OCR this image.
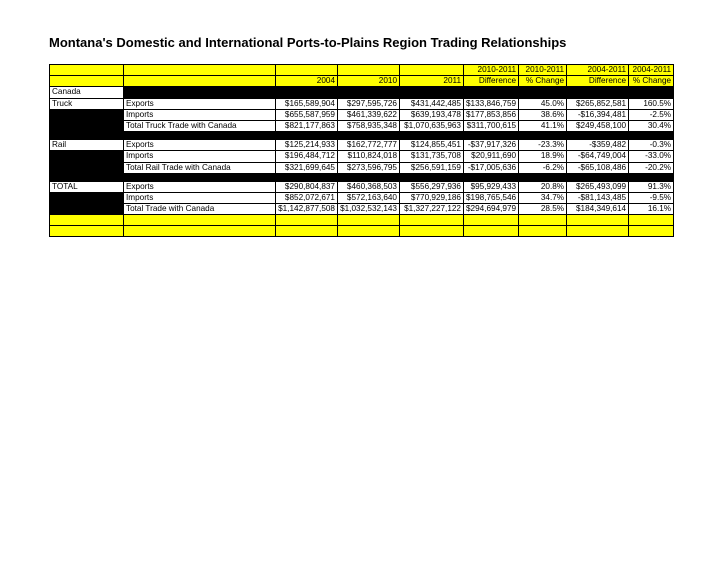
Montana's Domestic and International Ports-to-Plains Region Trading Relationships
					2010-2011	2010-2011	2004-2011	2004-2011
		2004	2010	2011	Difference	% Change	Difference	% Change
Canada								
Truck	Exports	$165,589,904	$297,595,726	$431,442,485	$133,846,759	45.0%	$265,852,581	160.5%
	Imports	$655,587,959	$461,339,622	$639,193,478	$177,853,856	38.6%	-$16,394,481	-2.5%
	Total Truck Trade with Canada	$821,177,863	$758,935,348	$1,070,635,963	$311,700,615	41.1%	$249,458,100	30.4%

Rail	Exports	$125,214,933	$162,772,777	$124,855,451	-$37,917,326	-23.3%	-$359,482	-0.3%
	Imports	$196,484,712	$110,824,018	$131,735,708	$20,911,690	18.9%	-$64,749,004	-33.0%
	Total Rail Trade with Canada	$321,699,645	$273,596,795	$256,591,159	-$17,005,636	-6.2%	-$65,108,486	-20.2%

TOTAL	Exports	$290,804,837	$460,368,503	$556,297,936	$95,929,433	20.8%	$265,493,099	91.3%
	Imports	$852,072,671	$572,163,640	$770,929,186	$198,765,546	34.7%	-$81,143,485	-9.5%
	Total Trade with Canada	$1,142,877,508	$1,032,532,143	$1,327,227,122	$294,694,979	28.5%	$184,349,614	16.1%
